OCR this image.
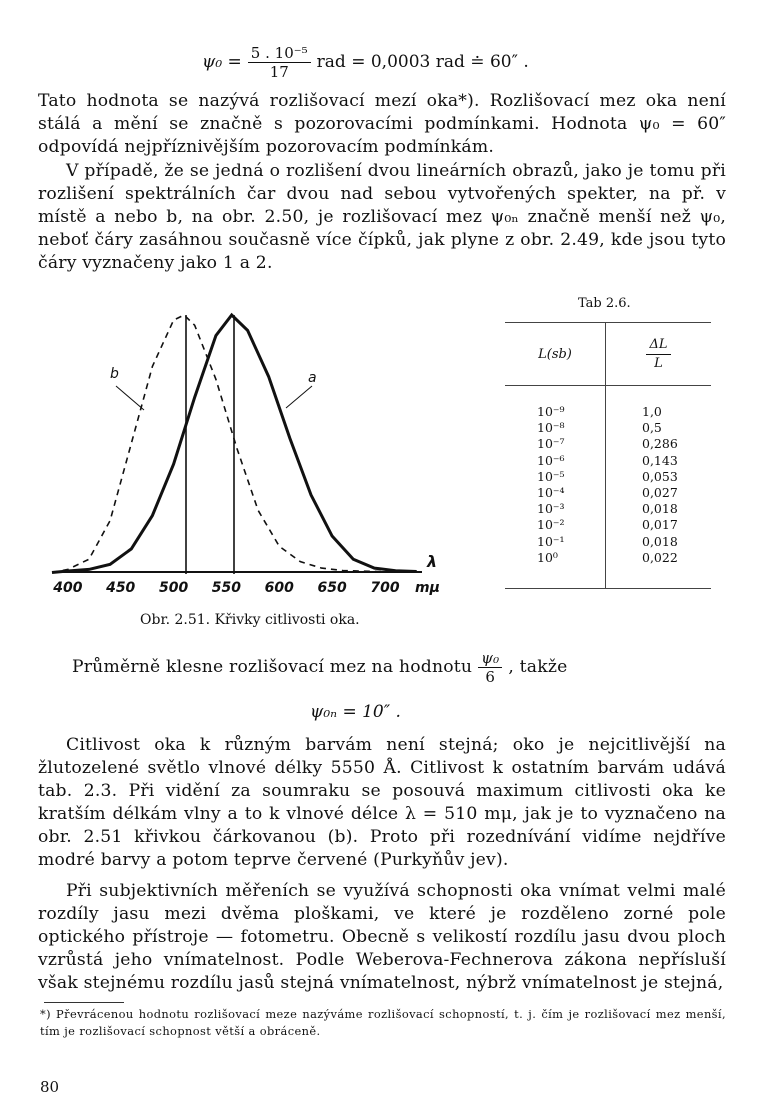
$\psi_0 = \frac{\text{5 . 10⁻⁵}}{17}$ rad = 0,0003 rad ≐ 60″ .
Tato hodnota se nazývá rozlišovací mezí oka*). Rozlišovací mez oka není stálá a mění se značně s pozorovacími podmínkami. Hodnota ψ₀ = 60″ odpovídá nejpříznivějším pozorovacím podmínkám.
V případě, že se jedná o rozlišení dvou lineárních obrazů, jako je tomu při rozlišení spektrálních čar dvou nad sebou vytvořených spekter, na př. v místě a nebo b, na obr. 2.50, je rozlišovací mez ψ₀ₙ značně menší než ψ₀, neboť čáry zasáhnou současně více čípků, jak plyne z obr. 2.49, kde jsou tyto čáry vyznačeny jako 1 a 2.
b	a
400 450 500 550 600 650 700
λ
mμ
Obr. 2.51. Křivky citlivosti oka.
Tab 2.6.
L(sb)	$\frac{\Delta L}{L}$

10⁻⁹	1,0
10⁻⁸	0,5
10⁻⁷	0,286
10⁻⁶	0,143
10⁻⁵	0,053
10⁻⁴	0,027
10⁻³	0,018
10⁻²	0,017
10⁻¹	0,018
10⁰	0,022
Průměrně klesne rozlišovací mez na hodnotu $\frac{\text{ψ₀}}{6}$ , takže
ψ₀ₙ = 10″ .
Citlivost oka k různým barvám není stejná; oko je nejcitlivější na žlutozelené světlo vlnové délky 5550 Å. Citlivost k ostatním barvám udává tab. 2.3. Při vidění za soumraku se posouvá maximum citlivosti oka ke kratším délkám vlny a to k vlnové délce λ = 510 mμ, jak je to vyznačeno na obr. 2.51 křivkou čárkovanou (b). Proto při rozednívání vidíme nejdříve modré barvy a potom teprve červené (Purkyňův jev).
Při subjektivních měřeních se využívá schopnosti oka vnímat velmi malé rozdíly jasu mezi dvěma ploškami, ve které je rozděleno zorné pole optického přístroje — fotometru. Obecně s velikostí rozdílu jasu dvou ploch vzrůstá jeho vnímatelnost. Podle Weberova-Fechnerova zákona nepřísluší však stejnému rozdílu jasů stejná vnímatelnost, nýbrž vnímatelnost je stejná,
*) Převrácenou hodnotu rozlišovací meze nazýváme rozlišovací schopností, t. j. čím je rozlišovací mez menší, tím je rozlišovací schopnost větší a obráceně.
80
